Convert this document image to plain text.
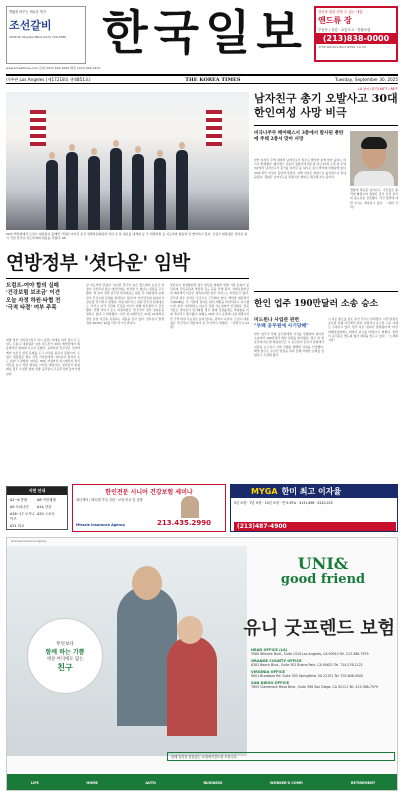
생활을 바꾸는 새로운 생각
조선갈비
3330 W. Olympic Blvd (213) 734-3330 한국일보	당신을 위한 믿을 수 있는 대출
앤드류 장
부동산 / 상업 · 교통사고 · 종합보험
(213)838-0000
3700 Wilshire Blvd #550, LA CA
www.koreatimes.com 문의 (323) 692-2000 배달 (323) 692-2110
미주판 Los Angeles (제17218호 총4851호)	THE KOREA TIMES	Tuesday, September 30, 2025
LA 날씨 (최저) 66°F / 88°F
29일 백악관에서 트럼프 대통령이 올해만 가결된 이어진 조건 연방하원의장과 리더 존 튠 대표를 내세워 등 주 연방상원 등 지도부와 회동한 뒤 발언하고 있다. 트럼프 대통령은 셧다운 위기 직전 민주당 지도부와의 회동을 가졌다. AP
연방정부 '셧다운' 임박
트럼프-여야 합의 실패
'건강보험 보조금' 이견
오늘 자정 하원·타협 전
'극적 타결' 여부 주목
연방 정부 '셧다운'(업무 일시 중단) 사태를 하루 앞두고 도널드 트럼프 대통령과 여야 지도부가 29일 백악관에서 회동했지만 합의에 이르지 못했다. 공화당과 민주당은 오바마케어 보조금 연장 문제를 두고 이견을 좁히지 못했으며, 트럼프 대통령은 회동 직후 기자들에게 '셧다운이 일어날 수도 있다'고 말했다. 양측은 30일 자정까지 임시예산안 처리 여부를 놓고 막판 협상을 이어갈 예정이다. 셧다운이 현실화될 경우 수십만 명의 연방 공무원이 무급휴직에 들어가게 된다.
당 지도부와 만났다. 하지만 민주당 측은 헬스케어 보조금 연장이 포함되지 않은 예산안에는 찬성할 수 없다는 입장을 고수했다. 척 슈머 상원 민주당 원내대표는 회동 후 '대통령과 공화당이 건강보험 문제를 외면하고 있다'며 '미국인들의 의료비가 급등할 것'이라고 말했다. 하킴 제프리스 하원 민주당 원내대표도 '우리는 미국 국민의 건강을 지키기 위해 싸우겠다'고 강조했다. 반면 마이크 존슨 하원의장은 '민주당이 정부 셧다운을 원하고 있다'고 비판했다. 이번 임시예산안은 11월 21일까지 정부 운영 자금을 지원하는 내용을 담고 있다. 셧다운이 발생하면 2018년 12월 이후 약 7년 만이다.
셧다운이 현실화되면 필수 업무를 제외한 연방 기관 운영이 중단되며 국립공원과 박물관 등도 문을 닫게 된다. 사회보장연금과 메디케어 지급은 계속되지만 일부 서비스는 지연될 수 있다. 군인과 필수 인력은 무급으로 근무해야 한다. 백악관 예산관리국(OMB)은 각 기관에 셧다운 대비 계획을 마련하라고 지시했으며, 일부 기관에서는 대규모 감원 가능성까지 언급됐다. 전문가들은 셧다운이 장기화될 경우 경제 성장률에도 악영향을 미칠 것이라고 경고했다. 의회는 30일 다시 표결에 나설 예정이지만 극적 타결 가능성은 높지 않다는 관측이 나온다. 트럼프 대통령은 '민주당이 책임져야 할 것'이라고 말했다. 〈관련기사 A3면〉
남자친구 총기 오발사고 30대 한인여성 사망 비극
비극나주쿠 페어팩스서 3층에서 발사된 총탄에 주택 2층서 맞아 사망
한인 여성이 주택 내에서 남자친구가 실수로 발사한 총에 맞아 숨지는 비극이 발생했다. 페어팩스 카운티 경찰국에 따르면 지난 27일 오후 한 주택 3층에서 남자친구가 총기를 다루던 중 실수로 총이 발사돼 아래층에 있던 30대 한인 여성이 총탄에 맞았다. 피해 여성은 병원으로 옮겨졌으나 끝내 숨졌다. 경찰은 남자친구를 과실치사 혐의로 체포해 조사 중이다.
경찰에 체포된 남자친구. 주민들은 충격에 빠졌으며 경찰은 총기 안전 관리의 중요성을 강조했다. 사건 경위에 대한 조사는 계속되고 있다. 〈정희 기자〉
한인 업주 190만달러 소송 승소
미드윈나 사업관 관련
"부패 공무원에 사기당해"
한인 업주가 부패 공무원에게 사기를 당했다며 제기한 소송에서 190만달러 배상 판결을 받아냈다. 원고 측 변호인에 따르면 배심원단은 시 공무원이 인허가 과정에서 뇌물을 요구하고 사업 진행을 방해한 사실을 인정했다. 해당 업주는 수년간 영업을 하지 못해 막대한 손해를 입었다고 주장해 왔다.
시 측은 항소를 검토 중인 것으로 알려졌다. 이번 판결은 공무원 부패 사건에서 한인 사업자가 승소한 드문 사례로 주목받고 있다. 업주 측은 '정의가 실현됐다'며 '다른 피해자들에게도 희망이 되기를 바란다'고 밝혔다. 한편 이 공무원은 별도의 형사 재판을 앞두고 있다. 〈노세희 기자〉
지면 안내
A1~6 종합	A8 이민세계
A9 오피니언	A14 건강
A16~17 오거나이즈
A20 스포츠
A21 미교
한인전문 시니어 건강보험 세미나
메디케어 / 메디캘 가입 상담 · 보험 비교 및 설명
213.435.2990
Miracle Insurance Agency
MYGA 한미 최고 이자율
5년 보장 · 7년 보장 · 10년 보장 · 연 5.35% · $131,896 · $140,225
(213)487-4900
Licensed Insurance Agency
무엇보다
함께 하는 기쁨
세상 어디에도 없는
친구
UNI&
good friend
유니 굿프렌드 보험
HEAD OFFICE (LA)
3580 Wilshire Blvd., Suite 1510 Los Angeles, CA 90010 Tel. 213-388-7979
ORANGE COUNTY OFFICE
6281 Beach Blvd., Suite 302 Buena Park, CA 90621 Tel. 714-276-1122
VIRGINIA OFFICE
9001 Braddock Rd. Suite 350 Springfield, VA 22151 Tel. 703-846-0000
SAN DIEGO OFFICE
7855 Clairemont Mesa Blvd., Suite 306 San Diego, CA 92111 Tel. 213-388-7979
함께 일하실 경험있는 보험에이전트를 모십니다
LIFE	HOME	AUTO	BUSINESS	WORKER'S COMP.	RETIREMENT
